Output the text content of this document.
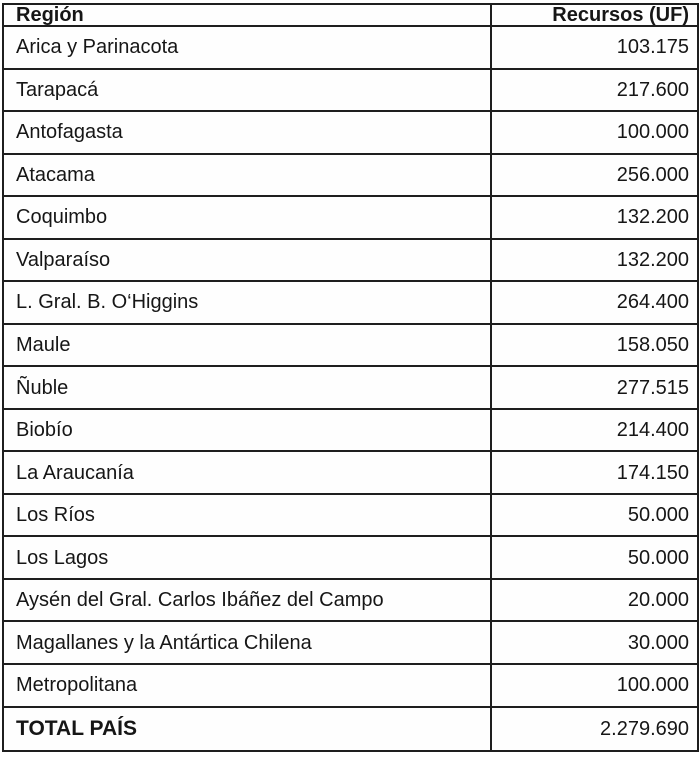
Región	Recursos (UF)
Arica y Parinacota	103.175
Tarapacá	217.600
Antofagasta	100.000
Atacama	256.000
Coquimbo	132.200
Valparaíso	132.200
L. Gral. B. O‘Higgins	264.400
Maule	158.050
Ñuble	277.515
Biobío	214.400
La Araucanía	174.150
Los Ríos	50.000
Los Lagos	50.000
Aysén del Gral. Carlos Ibáñez del Campo	20.000
Magallanes y la Antártica Chilena	30.000
Metropolitana	100.000
TOTAL PAÍS	2.279.690
